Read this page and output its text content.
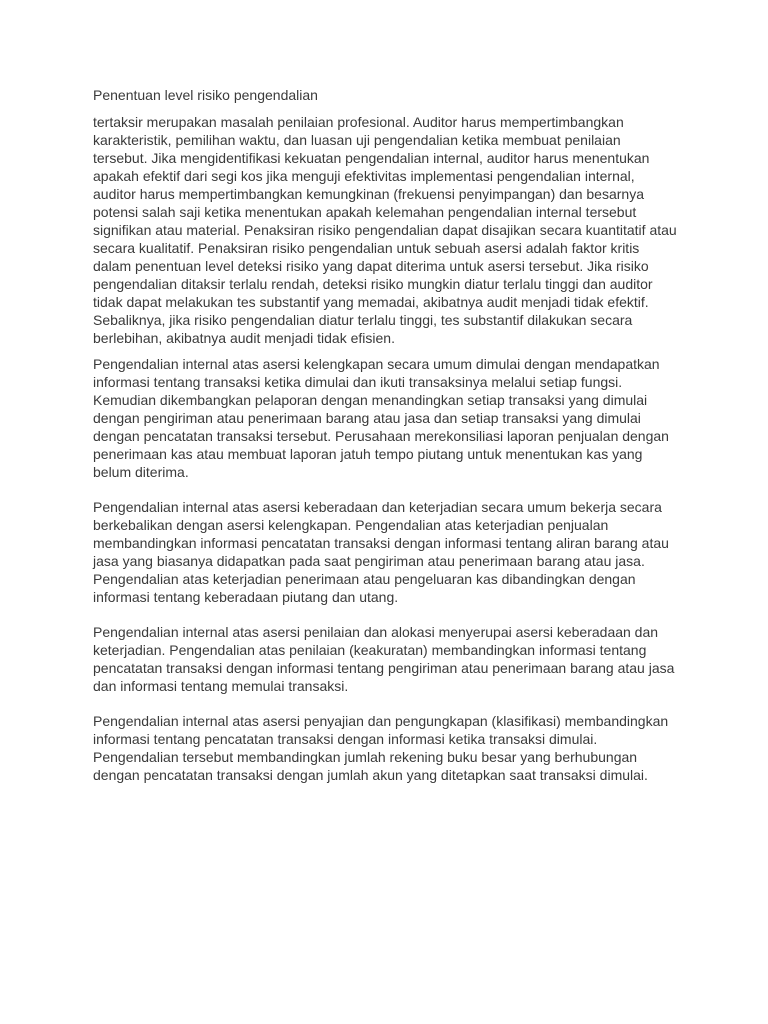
Penentuan level risiko pengendalian

tertaksir merupakan masalah penilaian profesional. Auditor harus mempertimbangkan karakteristik, pemilihan waktu, dan luasan uji pengendalian ketika membuat penilaian tersebut. Jika mengidentifikasi kekuatan pengendalian internal, auditor harus menentukan apakah efektif dari segi kos jika menguji efektivitas implementasi pengendalian internal, auditor harus mempertimbangkan kemungkinan (frekuensi penyimpangan) dan besarnya potensi salah saji ketika menentukan apakah kelemahan pengendalian internal tersebut signifikan atau material. Penaksiran risiko pengendalian dapat disajikan secara kuantitatif atau secara kualitatif. Penaksiran risiko pengendalian untuk sebuah asersi adalah faktor kritis dalam penentuan level deteksi risiko yang dapat diterima untuk asersi tersebut. Jika risiko pengendalian ditaksir terlalu rendah, deteksi risiko mungkin diatur terlalu tinggi dan auditor tidak dapat melakukan tes substantif yang memadai, akibatnya audit menjadi tidak efektif. Sebaliknya, jika risiko pengendalian diatur terlalu tinggi, tes substantif dilakukan secara berlebihan, akibatnya audit menjadi tidak efisien.

Pengendalian internal atas asersi kelengkapan secara umum dimulai dengan mendapatkan informasi tentang transaksi ketika dimulai dan ikuti transaksinya melalui setiap fungsi. Kemudian dikembangkan pelaporan dengan menandingkan setiap transaksi yang dimulai dengan pengiriman atau penerimaan barang atau jasa dan setiap transaksi yang dimulai dengan pencatatan transaksi tersebut. Perusahaan merekonsiliasi laporan penjualan dengan penerimaan kas atau membuat laporan jatuh tempo piutang untuk menentukan kas yang belum diterima.

Pengendalian internal atas asersi keberadaan dan keterjadian secara umum bekerja secara berkebalikan dengan asersi kelengkapan. Pengendalian atas keterjadian penjualan membandingkan informasi pencatatan transaksi dengan informasi tentang aliran barang atau jasa yang biasanya didapatkan pada saat pengiriman atau penerimaan barang atau jasa. Pengendalian atas keterjadian penerimaan atau pengeluaran kas dibandingkan dengan informasi tentang keberadaan piutang dan utang.

Pengendalian internal atas asersi penilaian dan alokasi menyerupai asersi keberadaan dan keterjadian. Pengendalian atas penilaian (keakuratan) membandingkan informasi tentang pencatatan transaksi dengan informasi tentang pengiriman atau penerimaan barang atau jasa dan informasi tentang memulai transaksi.

Pengendalian internal atas asersi penyajian dan pengungkapan (klasifikasi) membandingkan informasi tentang pencatatan transaksi dengan informasi ketika transaksi dimulai. Pengendalian tersebut membandingkan jumlah rekening buku besar yang berhubungan dengan pencatatan transaksi dengan jumlah akun yang ditetapkan saat transaksi dimulai.
